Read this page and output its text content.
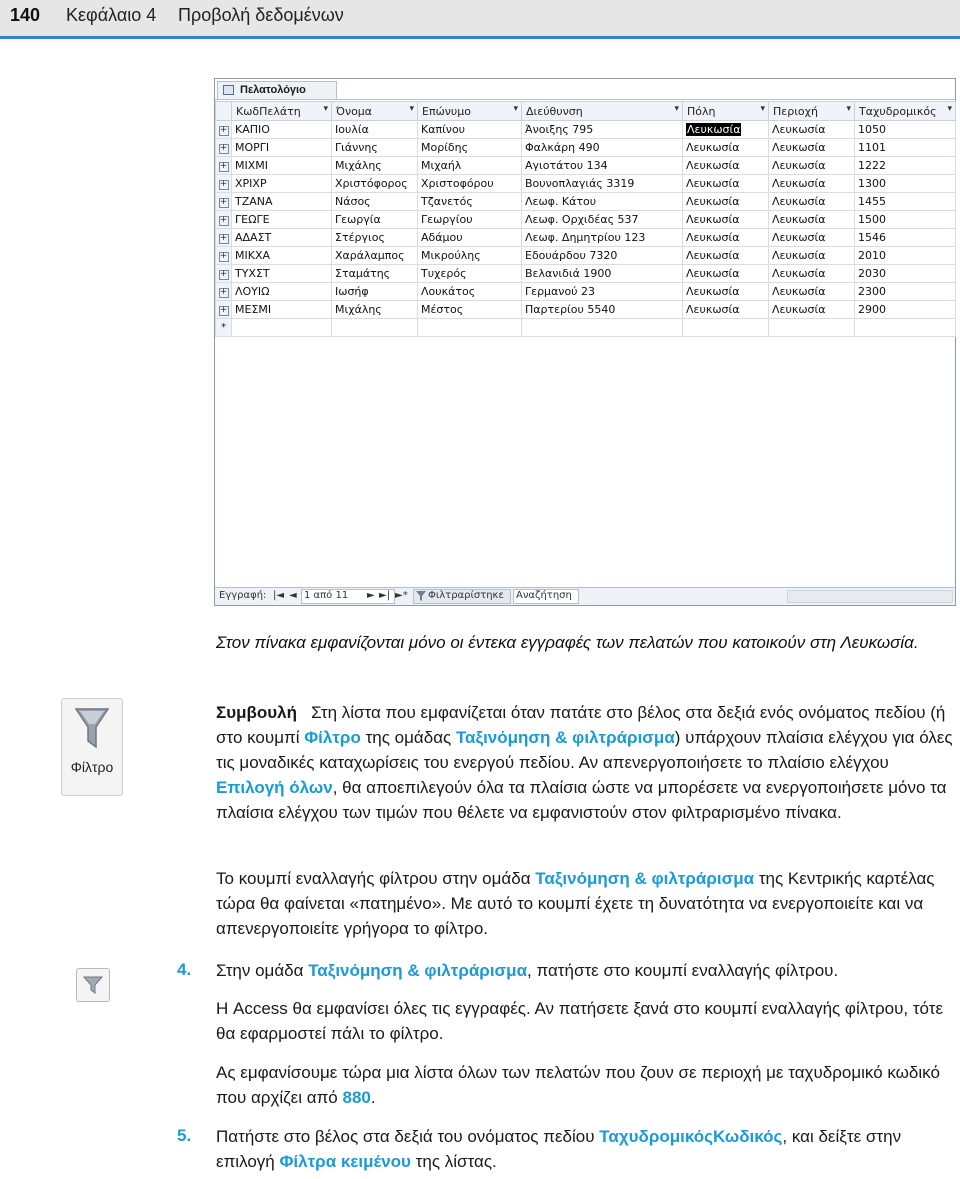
140 Κεφάλαιο 4 Προβολή δεδομένων
Πελατολόγιο
	ΚωδΠελάτη ▾	Όνομα ▾	Επώνυμο ▾	Διεύθυνση ▾	Πόλη ▾	Περιοχή ▾	Ταχυδρομικός ▾

+	ΚΑΠΙΟ	Ιουλία	Καπίνου	Άνοιξης 795	Λευκωσία	Λευκωσία	1050
+	ΜΟΡΓΙ	Γιάννης	Μορίδης	Φαλκάρη 490	Λευκωσία	Λευκωσία	1101
+	ΜΙΧΜΙ	Μιχάλης	Μιχαήλ	Αγιοτάτου 134	Λευκωσία	Λευκωσία	1222
+	ΧΡΙΧΡ	Χριστόφορος	Χριστοφόρου	Βουνοπλαγιάς 3319	Λευκωσία	Λευκωσία	1300
+	ΤΖΑΝΑ	Νάσος	Τζανετός	Λεωφ. Κάτου	Λευκωσία	Λευκωσία	1455
+	ΓΕΩΓΕ	Γεωργία	Γεωργίου	Λεωφ. Ορχιδέας 537	Λευκωσία	Λευκωσία	1500
+	ΑΔΑΣΤ	Στέργιος	Αδάμου	Λεωφ. Δημητρίου 123	Λευκωσία	Λευκωσία	1546
+	ΜΙΚΧΑ	Χαράλαμπος	Μικρούλης	Εδουάρδου 7320	Λευκωσία	Λευκωσία	2010
+	ΤΥΧΣΤ	Σταμάτης	Τυχερός	Βελανιδιά 1900	Λευκωσία	Λευκωσία	2030
+	ΛΟΥΙΩ	Ιωσήφ	Λουκάτος	Γερμανού 23	Λευκωσία	Λευκωσία	2300
+	ΜΕΣΜΙ	Μιχάλης	Μέστος	Παρτερίου 5540	Λευκωσία	Λευκωσία	2900
*							
Εγγραφή: |◄ ◄ 1 από 11 ► ►| ►* Φιλτραρίστηκε Αναζήτηση
Στον πίνακα εμφανίζονται μόνο οι έντεκα εγγραφές των πελατών που κατοικούν στη Λευκωσία.
Φίλτρο
Συμβουλή Στη λίστα που εμφανίζεται όταν πατάτε στο βέλος στα δεξιά ενός ονόματος πεδίου (ή στο κουμπί Φίλτρο της ομάδας Ταξινόμηση & φιλτράρισμα) υπάρχουν πλαίσια ελέγχου για όλες τις μοναδικές καταχωρίσεις του ενεργού πεδίου. Αν απενεργοποιήσετε το πλαίσιο ελέγχου Επιλογή όλων, θα αποεπιλεγούν όλα τα πλαίσια ώστε να μπορέσετε να ενεργοποιήσετε μόνο τα πλαίσια ελέγχου των τιμών που θέλετε να εμφανιστούν στον φιλτραρισμένο πίνακα.
Το κουμπί εναλλαγής φίλτρου στην ομάδα Ταξινόμηση & φιλτράρισμα της Κεντρικής καρτέλας τώρα θα φαίνεται «πατημένο». Με αυτό το κουμπί έχετε τη δυνατότητα να ενεργοποιείτε και να απενεργοποιείτε γρήγορα το φίλτρο.
4. Στην ομάδα Ταξινόμηση & φιλτράρισμα, πατήστε στο κουμπί εναλλαγής φίλτρου.
Η Access θα εμφανίσει όλες τις εγγραφές. Αν πατήσετε ξανά στο κουμπί εναλλαγής φίλτρου, τότε θα εφαρμοστεί πάλι το φίλτρο.
Ας εμφανίσουμε τώρα μια λίστα όλων των πελατών που ζουν σε περιοχή με ταχυδρομικό κωδικό που αρχίζει από 880.
5. Πατήστε στο βέλος στα δεξιά του ονόματος πεδίου ΤαχυδρομικόςΚωδικός, και δείξτε στην επιλογή Φίλτρα κειμένου της λίστας.
